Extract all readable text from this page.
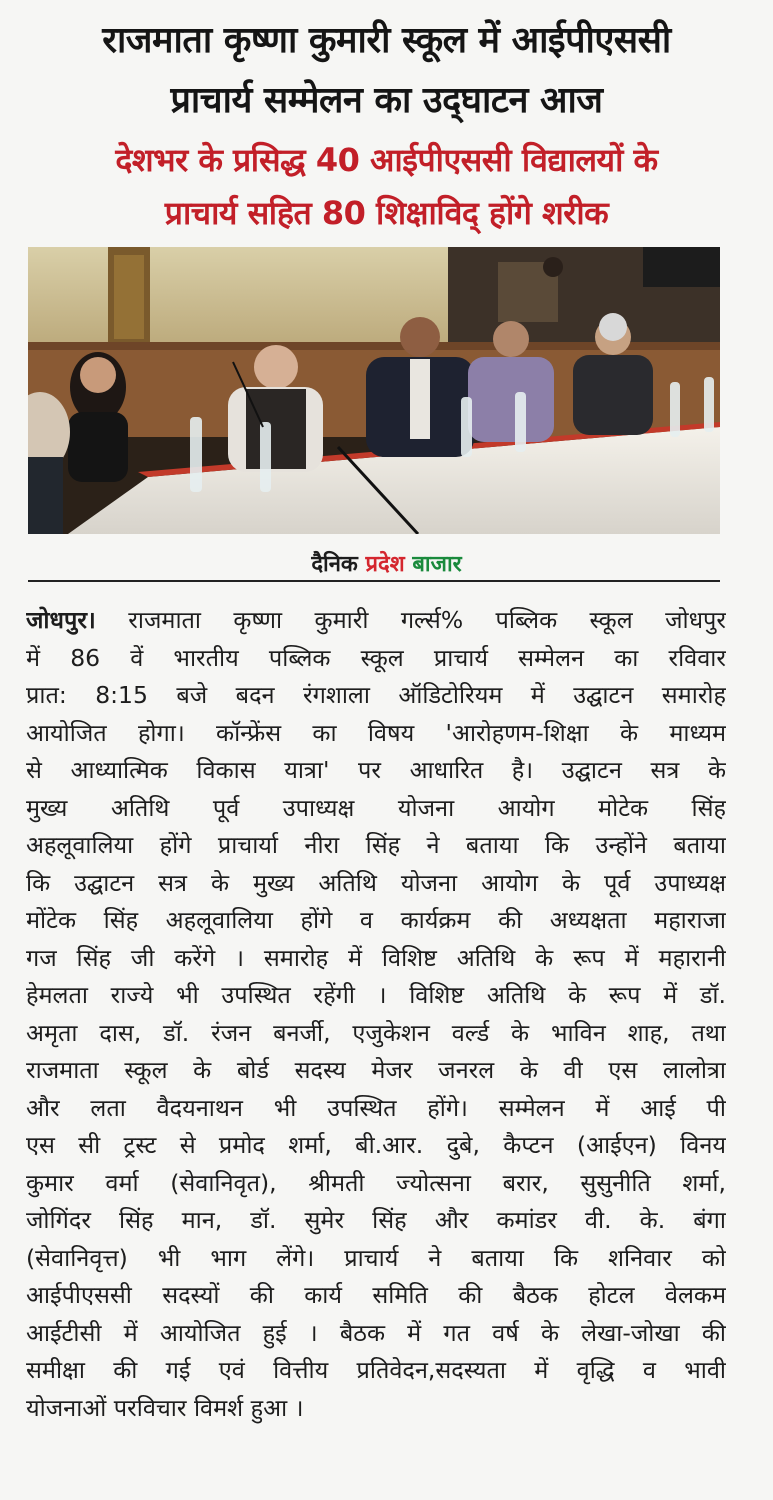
राजमाता कृष्णा कुमारी स्कूल में आईपीएससी
प्राचार्य सम्मेलन का उद्‌घाटन आज
देशभर के प्रसिद्ध 40 आईपीएससी विद्यालयों के
प्राचार्य सहित 80 शिक्षाविद् होंगे शरीक
दैनिक प्रदेश बाजार
जोधपुर। राजमाता कृष्णा कुमारी गर्ल्स% पब्लिक स्कूल जोधपुर
में 86 वें भारतीय पब्लिक स्कूल प्राचार्य सम्मेलन का रविवार
प्रात: 8:15 बजे बदन रंगशाला ऑडिटोरियम में उद्घाटन समारोह
आयोजित होगा। कॉन्फ्रेंस का विषय 'आरोहणम-शिक्षा के माध्यम
से आध्यात्मिक विकास यात्रा' पर आधारित है। उद्घाटन सत्र के
मुख्य अतिथि पूर्व उपाध्यक्ष योजना आयोग मोटेक सिंह
अहलूवालिया होंगे प्राचार्या नीरा सिंह ने बताया कि उन्होंने बताया
कि उद्घाटन सत्र के मुख्य अतिथि योजना आयोग के पूर्व उपाध्यक्ष
मोंटेक सिंह अहलूवालिया होंगे व कार्यक्रम की अध्यक्षता महाराजा
गज सिंह जी करेंगे । समारोह में विशिष्ट अतिथि के रूप में महारानी
हेमलता राज्ये भी उपस्थित रहेंगी । विशिष्ट अतिथि के रूप में डॉ.
अमृता दास, डॉ. रंजन बनर्जी, एजुकेशन वर्ल्ड के भाविन शाह, तथा
राजमाता स्कूल के बोर्ड सदस्य मेजर जनरल के वी एस लालोत्रा
और लता वैदयनाथन भी उपस्थित होंगे। सम्मेलन में आई पी
एस सी ट्रस्ट से प्रमोद शर्मा, बी.आर. दुबे, कैप्टन (आईएन) विनय
कुमार वर्मा (सेवानिवृत), श्रीमती ज्योत्सना बरार, सुसुनीति शर्मा,
जोगिंदर सिंह मान, डॉ. सुमेर सिंह और कमांडर वी. के. बंगा
(सेवानिवृत्त) भी भाग लेंगे। प्राचार्य ने बताया कि शनिवार को
आईपीएससी सदस्यों की कार्य समिति की बैठक होटल वेलकम
आईटीसी में आयोजित हुई । बैठक में गत वर्ष के लेखा-जोखा की
समीक्षा की गई एवं वित्तीय प्रतिवेदन,सदस्यता में वृद्धि व भावी
योजनाओं परविचार विमर्श हुआ ।
